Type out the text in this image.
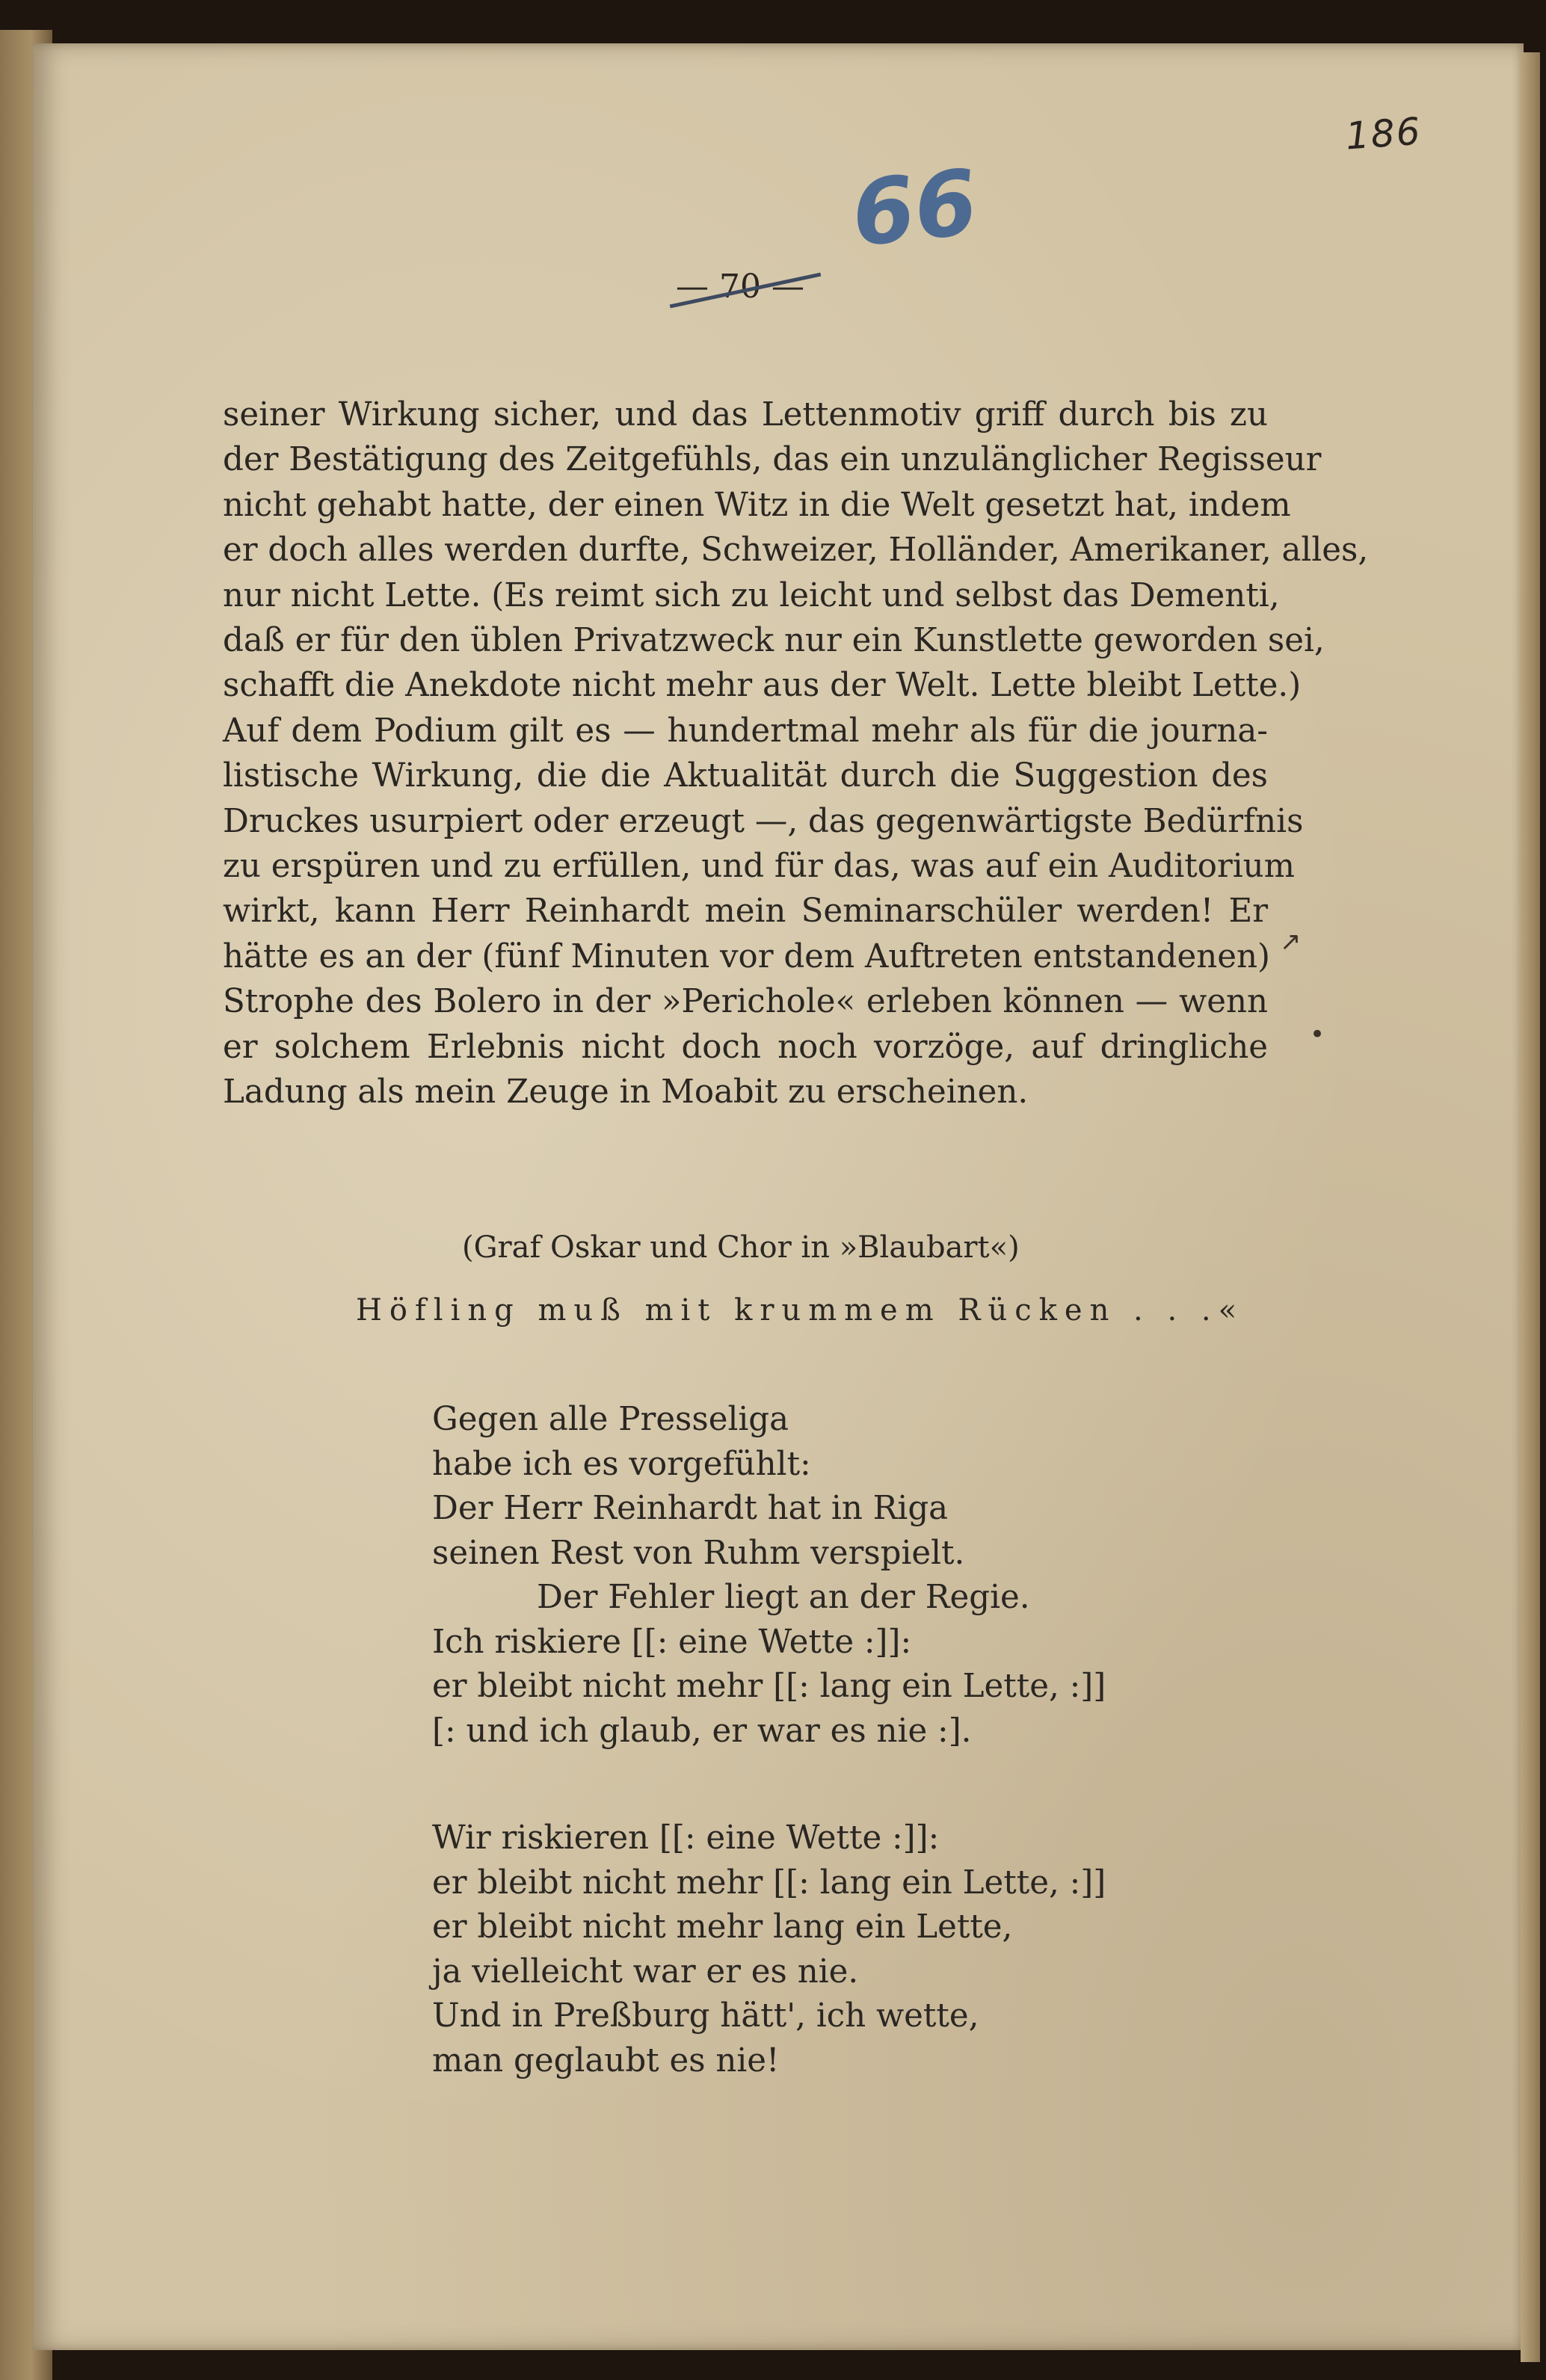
186
66
— 70 —
seiner Wirkung sicher, und das Lettenmotiv griff durch bis zu
der Bestätigung des Zeitgefühls, das ein unzulänglicher Regisseur
nicht gehabt hatte, der einen Witz in die Welt gesetzt hat, indem
er doch alles werden durfte, Schweizer, Holländer, Amerikaner, alles,
nur nicht Lette. (Es reimt sich zu leicht und selbst das Dementi,
daß er für den üblen Privatzweck nur ein Kunstlette geworden sei,
schafft die Anekdote nicht mehr aus der Welt. Lette bleibt Lette.)
Auf dem Podium gilt es — hundertmal mehr als für die journa-
listische Wirkung, die die Aktualität durch die Suggestion des
Druckes usurpiert oder erzeugt —, das gegenwärtigste Bedürfnis
zu erspüren und zu erfüllen, und für das, was auf ein Auditorium
wirkt, kann Herr Reinhardt mein Seminarschüler werden! Er
hätte es an der (fünf Minuten vor dem Auftreten entstandenen)
Strophe des Bolero in der »Perichole« erleben können — wenn
er solchem Erlebnis nicht doch noch vorzöge, auf dringliche
Ladung als mein Zeuge in Moabit zu erscheinen.
↗
•
(Graf Oskar und Chor in »Blaubart«)
Höfling muß mit krummem Rücken . . .«
Gegen alle Presseliga
habe ich es vorgefühlt:
Der Herr Reinhardt hat in Riga
seinen Rest von Ruhm verspielt.
Der Fehler liegt an der Regie.
Ich riskiere [[: eine Wette :]]:
er bleibt nicht mehr [[: lang ein Lette, :]]
[: und ich glaub, er war es nie :].
Wir riskieren [[: eine Wette :]]:
er bleibt nicht mehr [[: lang ein Lette, :]]
er bleibt nicht mehr lang ein Lette,
ja vielleicht war er es nie.
Und in Preßburg hätt', ich wette,
man geglaubt es nie!
